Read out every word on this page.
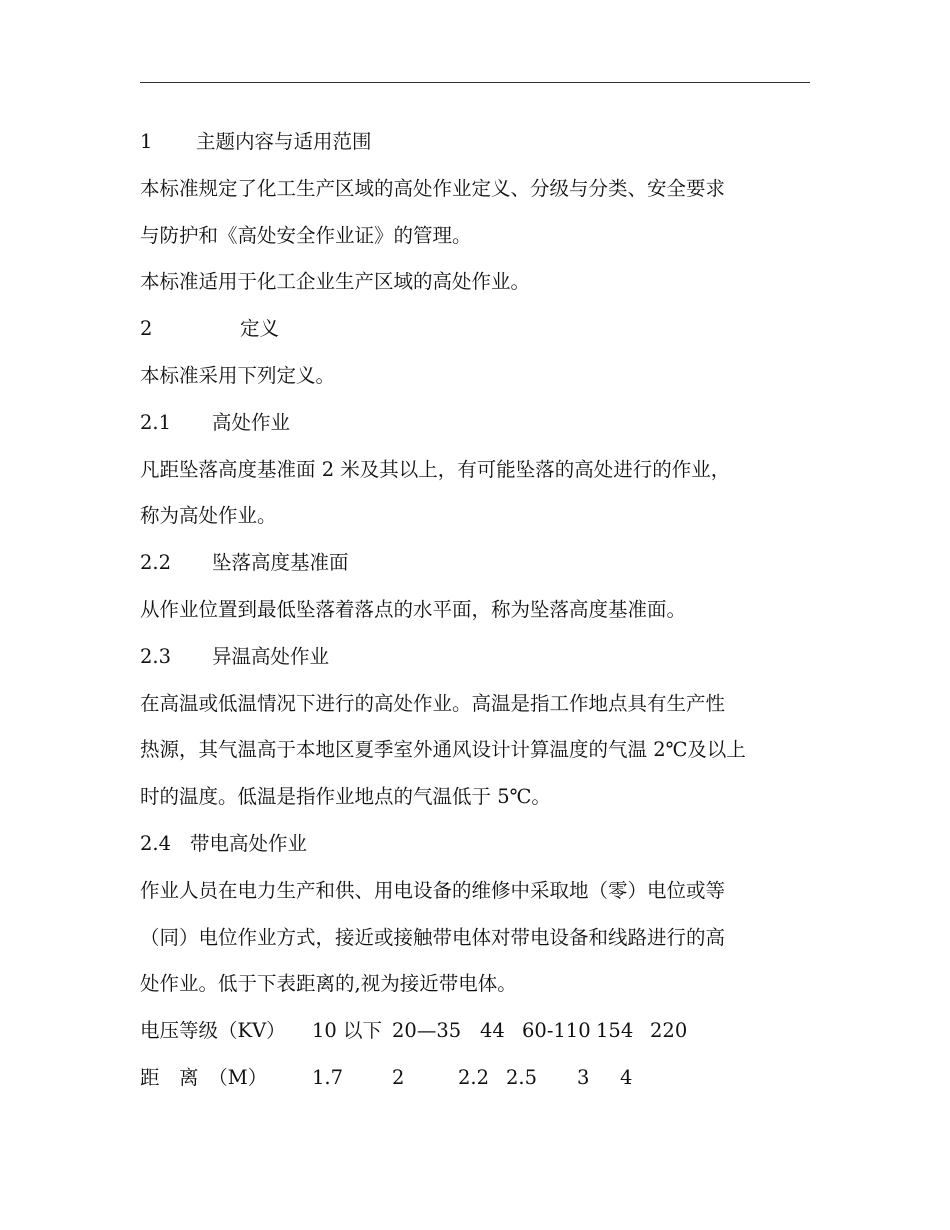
1 主题内容与适用范围
本标准规定了化工生产区域的高处作业定义、分级与分类、安全要求
与防护和《高处安全作业证》的管理。
本标准适用于化工企业生产区域的高处作业。
2	定义
本标准采用下列定义。
2.1 高处作业
凡距坠落高度基准面 2 米及其以上，有可能坠落的高处进行的作业，
称为高处作业。
2.2 坠落高度基准面
从作业位置到最低坠落着落点的水平面，称为坠落高度基准面。
2.3 异温高处作业
在高温或低温情况下进行的高处作业。高温是指工作地点具有生产性
热源，其气温高于本地区夏季室外通风设计计算温度的气温 2℃及以上
时的温度。低温是指作业地点的气温低于 5℃。
2.4 带电高处作业
作业人员在电力生产和供、用电设备的维修中采取地（零）电位或等
（同）电位作业方式，接近或接触带电体对带电设备和线路进行的高
处作业。低于下表距离的,视为接近带电体。
电压等级（KV） 10 以下 20—35 44 60-110 154 220
距　离　（M） 1.7	2	2.2 2.5 3 4
